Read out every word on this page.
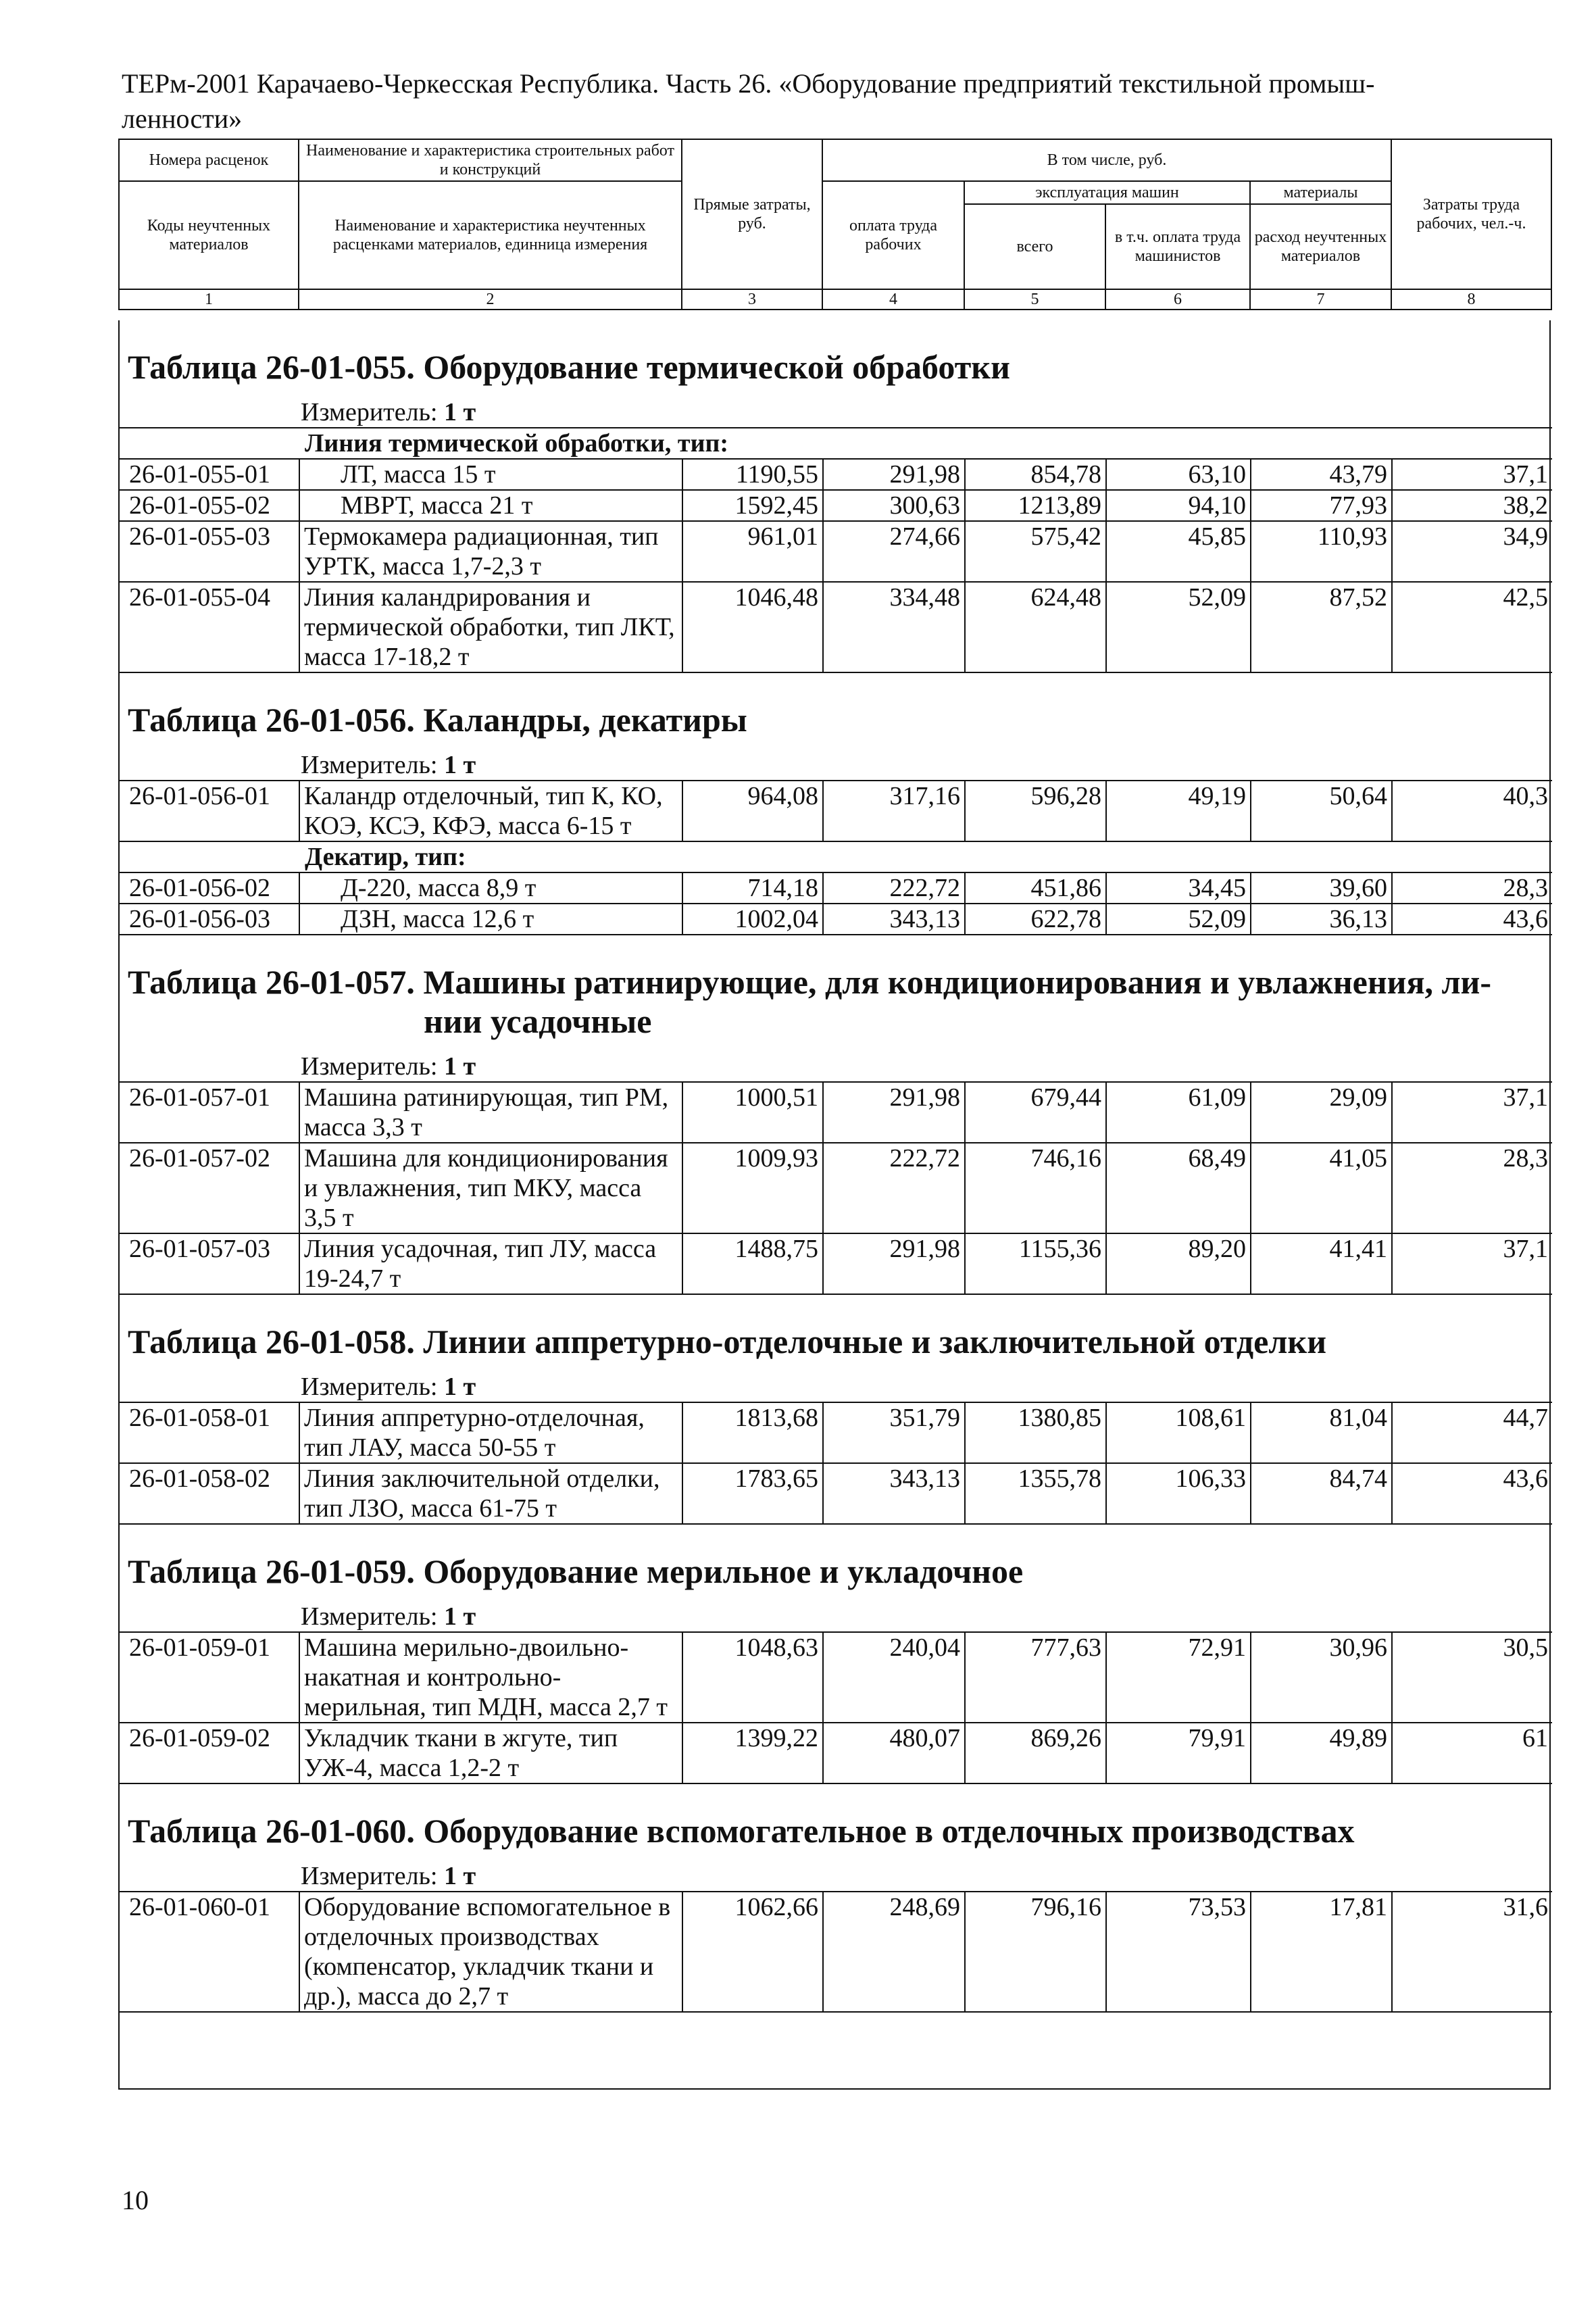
ТЕРм-2001 Карачаево-Черкесская Республика. Часть 26. «Оборудование предприятий текстильной промыш-
ленности»
Номера расценок	Наименование и характеристика строительных работ и конструкций	Прямые затраты, руб.	В том числе, руб.				Затраты труда рабочих, чел.-ч.
Коды неучтенных материалов	Наименование и характеристика неучтенных расценками материалов, единница измерения		оплата труда рабочих	эксплуатация машин		материалы	
				всего	в т.ч. оплата труда машинистов	расход неучтенных материалов	

1	2	3	4	5	6	7	8
Таблица 26-01-055. Оборудование термической обработки
Измеритель: 1 т
Линия термической обработки, тип:							
26-01-055-01	ЛТ, масса 15 т	1190,55	291,98	854,78	63,10	43,79	37,1
26-01-055-02	МВРТ, масса 21 т	1592,45	300,63	1213,89	94,10	77,93	38,2
26-01-055-03	Термокамера радиационная, тип УРТК, масса 1,7-2,3 т	961,01	274,66	575,42	45,85	110,93	34,9
26-01-055-04	Линия каландрирования и термической обработки, тип ЛКТ, масса 17-18,2 т	1046,48	334,48	624,48	52,09	87,52	42,5
Таблица 26-01-056. Каландры, декатиры
Измеритель: 1 т
26-01-056-01	Каландр отделочный, тип К, КО, КОЭ, КСЭ, КФЭ, масса 6-15 т	964,08	317,16	596,28	49,19	50,64	40,3
Декатир, тип:							
26-01-056-02	Д-220, масса 8,9 т	714,18	222,72	451,86	34,45	39,60	28,3
26-01-056-03	ДЗН, масса 12,6 т	1002,04	343,13	622,78	52,09	36,13	43,6
Таблица 26-01-057. Машины ратинирующие, для кондиционирования и увлажнения, ли-
нии усадочные
Измеритель: 1 т
26-01-057-01	Машина ратинирующая, тип РМ, масса 3,3 т	1000,51	291,98	679,44	61,09	29,09	37,1
26-01-057-02	Машина для кондиционирования и увлажнения, тип МКУ, масса 3,5 т	1009,93	222,72	746,16	68,49	41,05	28,3
26-01-057-03	Линия усадочная, тип ЛУ, масса 19-24,7 т	1488,75	291,98	1155,36	89,20	41,41	37,1
Таблица 26-01-058. Линии аппретурно-отделочные и заключительной отделки
Измеритель: 1 т
26-01-058-01	Линия аппретурно-отделочная, тип ЛАУ, масса 50-55 т	1813,68	351,79	1380,85	108,61	81,04	44,7
26-01-058-02	Линия заключительной отделки, тип ЛЗО, масса 61-75 т	1783,65	343,13	1355,78	106,33	84,74	43,6
Таблица 26-01-059. Оборудование мерильное и укладочное
Измеритель: 1 т
26-01-059-01	Машина мерильно-двоильно-накатная и контрольно-мерильная, тип МДН, масса 2,7 т	1048,63	240,04	777,63	72,91	30,96	30,5
26-01-059-02	Укладчик ткани в жгуте, тип УЖ-4, масса 1,2-2 т	1399,22	480,07	869,26	79,91	49,89	61
Таблица 26-01-060. Оборудование вспомогательное в отделочных производствах
Измеритель: 1 т
26-01-060-01	Оборудование вспомогательное в отделочных производствах (компенсатор, укладчик ткани и др.), масса до 2,7 т	1062,66	248,69	796,16	73,53	17,81	31,6
10
